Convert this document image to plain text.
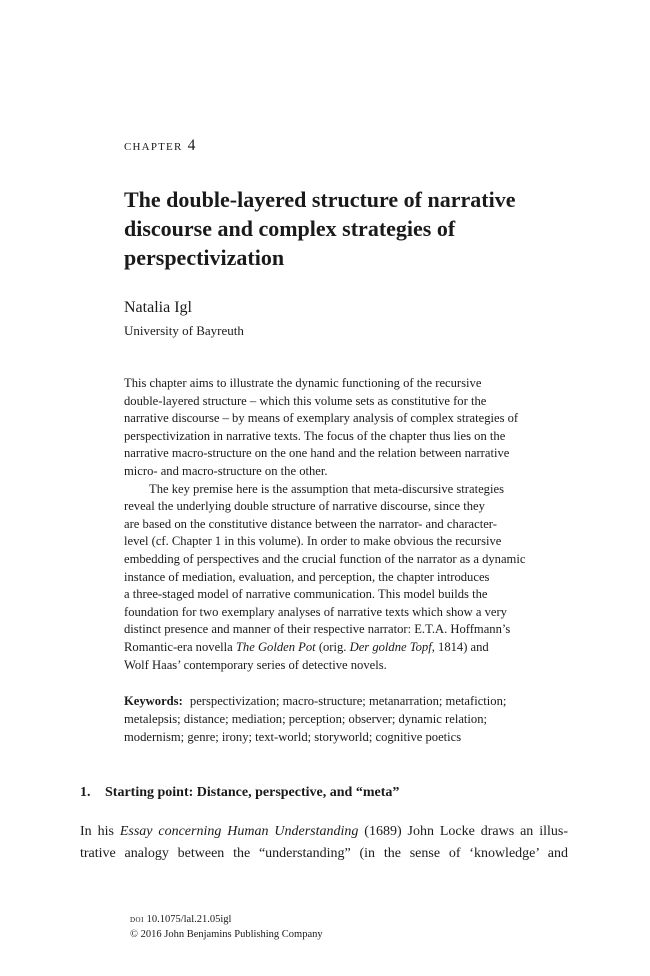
chapter 4
The double-layered structure of narrative
discourse and complex strategies of
perspectivization
Natalia Igl
University of Bayreuth
This chapter aims to illustrate the dynamic functioning of the recursive
double-layered structure – which this volume sets as constitutive for the
narrative discourse – by means of exemplary analysis of complex strategies of
perspectivization in narrative texts. The focus of the chapter thus lies on the
narrative macro-structure on the one hand and the relation between narrative
micro- and macro-structure on the other.
The key premise here is the assumption that meta-discursive strategies
reveal the underlying double structure of narrative discourse, since they
are based on the constitutive distance between the narrator- and character-
level (cf. Chapter 1 in this volume). In order to make obvious the recursive
embedding of perspectives and the crucial function of the narrator as a dynamic
instance of mediation, evaluation, and perception, the chapter introduces
a three-staged model of narrative communication. This model builds the
foundation for two exemplary analyses of narrative texts which show a very
distinct presence and manner of their respective narrator: E.T.A. Hoffmann’s
Romantic-era novella The Golden Pot (orig. Der goldne Topf, 1814) and
Wolf Haas’ contemporary series of detective novels.
Keywords: perspectivization; macro-structure; metanarration; metafiction;
metalepsis; distance; mediation; perception; observer; dynamic relation;
modernism; genre; irony; text-world; storyworld; cognitive poetics
1. Starting point: Distance, perspective, and “meta”
In his Essay concerning Human Understanding (1689) John Locke draws an illus-
trative analogy between the “understanding” (in the sense of ‘knowledge’ and
doi 10.1075/lal.21.05igl
© 2016 John Benjamins Publishing Company
